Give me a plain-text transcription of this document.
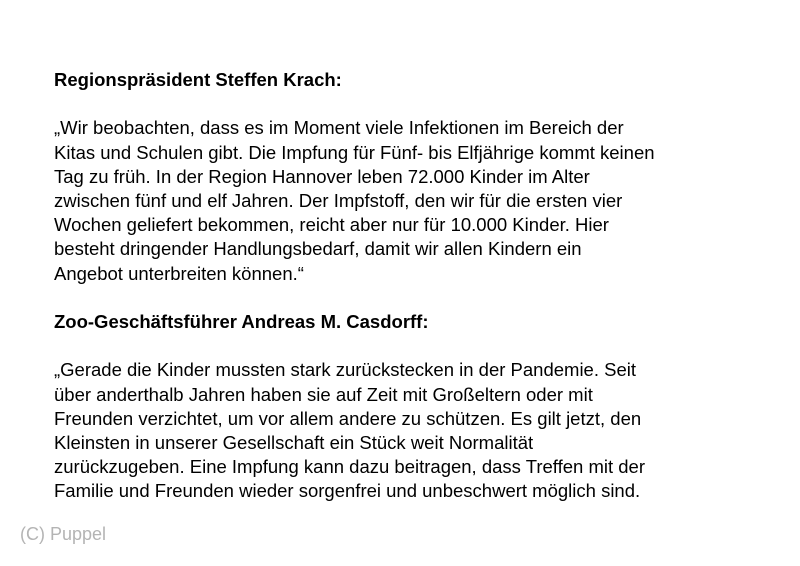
Regionspräsident Steffen Krach:

„Wir beobachten, dass es im Moment viele Infektionen im Bereich der
Kitas und Schulen gibt. Die Impfung für Fünf- bis Elfjährige kommt keinen
Tag zu früh. In der Region Hannover leben 72.000 Kinder im Alter
zwischen fünf und elf Jahren. Der Impfstoff, den wir für die ersten vier
Wochen geliefert bekommen, reicht aber nur für 10.000 Kinder. Hier
besteht dringender Handlungsbedarf, damit wir allen Kindern ein
Angebot unterbreiten können.“

Zoo-Geschäftsführer Andreas M. Casdorff:

„Gerade die Kinder mussten stark zurückstecken in der Pandemie. Seit
über anderthalb Jahren haben sie auf Zeit mit Großeltern oder mit
Freunden verzichtet, um vor allem andere zu schützen. Es gilt jetzt, den
Kleinsten in unserer Gesellschaft ein Stück weit Normalität
zurückzugeben. Eine Impfung kann dazu beitragen, dass Treffen mit der
Familie und Freunden wieder sorgenfrei und unbeschwert möglich sind.

(C) Puppel
